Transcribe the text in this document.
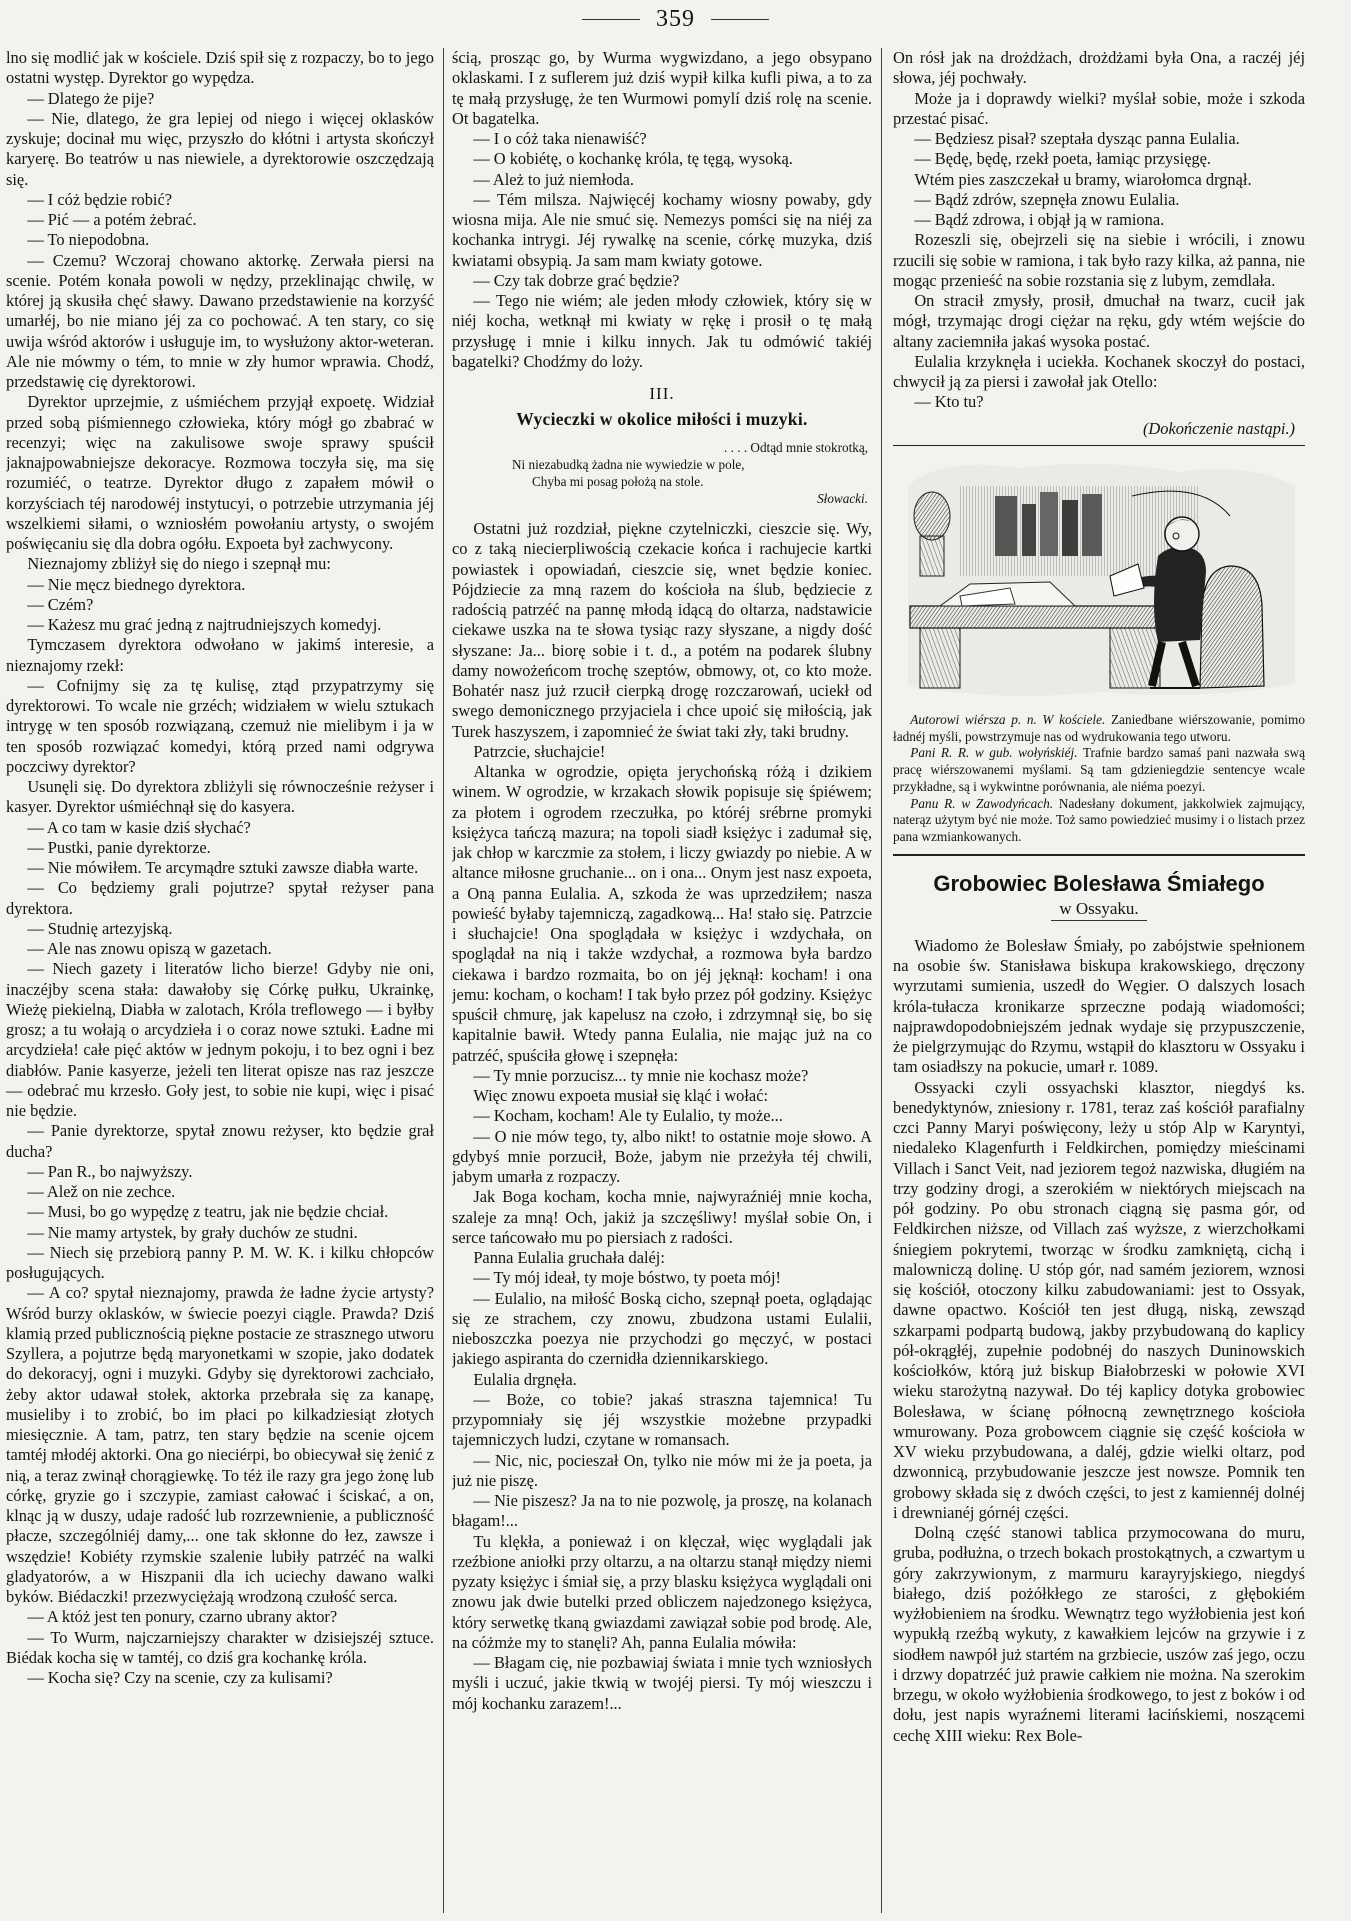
359

lno się modlić jak w kościele. Dziś spił się z rozpaczy, bo to jego ostatni występ. Dyrektor go wypędza.

— Dlatego że pije?

— Nie, dlatego, że gra lepiej od niego i więcej oklasków zyskuje; docinał mu więc, przyszło do kłótni i artysta skończył karyerę. Bo teatrów u nas niewiele, a dyrektorowie oszczędzają się.

— I cóż będzie robić?

— Pić — a potém żebrać.

— To niepodobna.

— Czemu? Wczoraj chowano aktorkę. Zerwała piersi na scenie. Potém konała powoli w nędzy, przeklinając chwilę, w której ją skusiła chęć sławy. Dawano przedstawienie na korzyść umarłéj, bo nie miano jéj za co pochować. A ten stary, co się uwija wśród aktorów i usługuje im, to wysłużony aktor-weteran. Ale nie mówmy o tém, to mnie w zły humor wprawia. Chodź, przedstawię cię dyrektorowi.

Dyrektor uprzejmie, z uśmiéchem przyjął expoetę. Widział przed sobą piśmiennego człowieka, który mógł go zbabrać w recenzyi; więc na zakulisowe swoje sprawy spuścił jaknajpowabniejsze dekoracye. Rozmowa toczyła się, ma się rozumiéć, o teatrze. Dyrektor długo z zapałem mówił o korzyściach téj narodowéj instytucyi, o potrzebie utrzymania jéj wszelkiemi siłami, o wzniosłém powołaniu artysty, o swojém poświęcaniu się dla dobra ogółu. Expoeta był zachwycony.

Nieznajomy zbliżył się do niego i szepnął mu:

— Nie męcz biednego dyrektora.

— Czém?

— Każesz mu grać jedną z najtrudniejszych komedyj.

Tymczasem dyrektora odwołano w jakimś interesie, a nieznajomy rzekł:

— Cofnijmy się za tę kulisę, ztąd przypatrzymy się dyrektorowi. To wcale nie grzéch; widziałem w wielu sztukach intrygę w ten sposób rozwiązaną, czemuż nie mielibym i ja w ten sposób rozwiązać komedyi, którą przed nami odgrywa poczciwy dyrektor?

Usunęli się. Do dyrektora zbliżyli się równocześnie reżyser i kasyer. Dyrektor uśmiéchnął się do kasyera.

— A co tam w kasie dziś słychać?

— Pustki, panie dyrektorze.

— Nie mówiłem. Te arcymądre sztuki zawsze diabła warte.

— Co będziemy grali pojutrze? spytał reżyser pana dyrektora.

— Studnię artezyjską.

— Ale nas znowu opiszą w gazetach.

— Niech gazety i literatów licho bierze! Gdyby nie oni, inaczéjby scena stała: dawałoby się Córkę pułku, Ukrainkę, Wieżę piekielną, Diabła w zalotach, Króla treflowego — i byłby grosz; a tu wołają o arcydzieła i o coraz nowe sztuki. Ładne mi arcydzieła! całe pięć aktów w jednym pokoju, i to bez ogni i bez diabłów. Panie kasyerze, jeżeli ten literat opisze nas raz jeszcze — odebrać mu krzesło. Goły jest, to sobie nie kupi, więc i pisać nie będzie.

— Panie dyrektorze, spytał znowu reżyser, kto będzie grał ducha?

— Pan R., bo najwyższy.

— Alež on nie zechce.

— Musi, bo go wypędzę z teatru, jak nie będzie chciał.

— Nie mamy artystek, by grały duchów ze studni.

— Niech się przebiorą panny P. M. W. K. i kilku chłopców posługujących.

— A co? spytał nieznajomy, prawda że ładne życie artysty? Wśród burzy oklasków, w świecie poezyi ciągle. Prawda? Dziś klamią przed publicznością piękne postacie ze strasznego utworu Szyllera, a pojutrze będą maryonetkami w szopie, jako dodatek do dekoracyj, ogni i muzyki. Gdyby się dyrektorowi zachciało, żeby aktor udawał stołek, aktorka przebrała się za kanapę, musieliby i to zrobić, bo im płaci po kilkadziesiąt złotych miesięcznie. A tam, patrz, ten stary będzie na scenie ojcem tamtéj młodéj aktorki. Ona go nieciérpi, bo obiecywał się żenić z nią, a teraz zwinął chorągiewkę. To téż ile razy gra jego żonę lub córkę, gryzie go i szczypie, zamiast całować i ściskać, a on, klnąc ją w duszy, udaje radość lub rozrzewnienie, a publiczność płacze, szczególniéj damy,... one tak skłonne do łez, zawsze i wszędzie! Kobiéty rzymskie szalenie lubiły patrzéć na walki gladyatorów, a w Hiszpanii dla ich uciechy dawano walki byków. Biédaczki! przezwyciężają wrodzoną czułość serca.

— A któż jest ten ponury, czarno ubrany aktor?

— To Wurm, najczarniejszy charakter w dzisiejszéj sztuce. Biédak kocha się w tamtéj, co dziś gra kochankę króla.

— Kocha się? Czy na scenie, czy za kulisami?

ścią, prosząc go, by Wurma wygwizdano, a jego obsypano oklaskami. I z suflerem już dziś wypił kilka kufli piwa, a to za tę małą przysługę, że ten Wurmowi pomylí dziś rolę na scenie. Ot bagatelka.

— I o cóż taka nienawiść?

— O kobiétę, o kochankę króla, tę tęgą, wysoką.

— Ależ to już niemłoda.

— Tém milsza. Najwięcéj kochamy wiosny powaby, gdy wiosna mija. Ale nie smuć się. Nemezys pomści się na niéj za kochanka intrygi. Jéj rywalkę na scenie, córkę muzyka, dziś kwiatami obsypią. Ja sam mam kwiaty gotowe.

— Czy tak dobrze grać będzie?

— Tego nie wiém; ale jeden młody człowiek, który się w niéj kocha, wetknął mi kwiaty w rękę i prosił o tę małą przysługę i mnie i kilku innych. Jak tu odmówić takiéj bagatelki? Chodźmy do loży.

III.
Wycieczki w okolice miłości i muzyki.
. . . . Odtąd mnie stokrotką,
Ni niezabudką żadna nie wywiedzie w pole,
Chyba mi posag położą na stole.
Słowacki.

Ostatni już rozdział, piękne czytelniczki, cieszcie się. Wy, co z taką niecierpliwością czekacie końca i rachujecie kartki powiastek i opowiadań, cieszcie się, wnet będzie koniec. Pójdziecie za mną razem do kościoła na ślub, będziecie z radością patrzéć na pannę młodą idącą do oltarza, nadstawicie ciekawe uszka na te słowa tysiąc razy słyszane, a nigdy dość słyszane: Ja... biorę sobie i t. d., a potém na podarek ślubny damy nowożeńcom trochę szeptów, obmowy, ot, co kto może. Bohatér nasz już rzucił cierpką drogę rozczarowań, uciekł od swego demonicznego przyjaciela i chce upoić się miłością, jak Turek haszyszem, i zapomnieć że świat taki zły, taki brudny.

Patrzcie, słuchajcie!

Altanka w ogrodzie, opięta jerychońską różą i dzikiem winem. W ogrodzie, w krzakach słowik popisuje się śpiéwem; za płotem i ogrodem rzeczułka, po któréj srébrne promyki księżyca tańczą mazura; na topoli siadł księżyc i zadumał się, jak chłop w karczmie za stołem, i liczy gwiazdy po niebie. A w altance miłosne gruchanie... on i ona... Onym jest nasz expoeta, a Oną panna Eulalia. A, szkoda że was uprzedziłem; nasza powieść byłaby tajemniczą, zagadkową... Ha! stało się. Patrzcie i słuchajcie! Ona spoglądała w księżyc i wzdychała, on spoglądał na nią i także wzdychał, a rozmowa była bardzo ciekawa i bardzo rozmaita, bo on jéj jęknął: kocham! i ona jemu: kocham, o kocham! I tak było przez pół godziny. Księżyc spuścił chmurę, jak kapelusz na czoło, i zdrzymnął się, bo się kapitalnie bawił. Wtedy panna Eulalia, nie mając już na co patrzéć, spuściła głowę i szepnęła:

— Ty mnie porzucisz... ty mnie nie kochasz może?

Więc znowu expoeta musiał się kląć i wołać:

— Kocham, kocham! Ale ty Eulalio, ty może...

— O nie mów tego, ty, albo nikt! to ostatnie moje słowo. A gdybyś mnie porzucił, Boże, jabym nie przeżyła téj chwili, jabym umarła z rozpaczy.

Jak Boga kocham, kocha mnie, najwyraźniéj mnie kocha, szaleje za mną! Och, jakiż ja szczęśliwy! myślał sobie On, i serce tańcowało mu po piersiach z radości.

Panna Eulalia gruchała daléj:

— Ty mój ideał, ty moje bóstwo, ty poeta mój!

— Eulalio, na miłość Boską cicho, szepnął poeta, oglądając się ze strachem, czy znowu, zbudzona ustami Eulalii, nieboszczka poezya nie przychodzi go męczyć, w postaci jakiego aspiranta do czernidła dziennikarskiego.

Eulalia drgnęła.

— Boże, co tobie? jakaś straszna tajemnica! Tu przypomniały się jéj wszystkie możebne przypadki tajemniczych ludzi, czytane w romansach.

— Nic, nic, pocieszał On, tylko nie mów mi że ja poeta, ja już nie piszę.

— Nie piszesz? Ja na to nie pozwolę, ja proszę, na kolanach błagam!...

Tu klękła, a ponieważ i on klęczał, więc wyglądali jak rzeźbione aniołki przy oltarzu, a na oltarzu stanął między niemi pyzaty księżyc i śmiał się, a przy blasku księżyca wyglądali oni znowu jak dwie butelki przed obliczem najedzonego księżyca, który serwetkę tkaną gwiazdami zawiązał sobie pod brodę. Ale, na cóżmże my to stanęli? Ah, panna Eulalia mówiła:

— Błagam cię, nie pozbawiaj świata i mnie tych wzniosłych myśli i uczuć, jakie tkwią w twojéj piersi. Ty mój wieszczu i mój kochanku zarazem!...

On rósł jak na drożdżach, drożdżami była Ona, a raczéj jéj słowa, jéj pochwały.

Może ja i doprawdy wielki? myślał sobie, może i szkoda przestać pisać.

— Będziesz pisał? szeptała dysząc panna Eulalia.

— Będę, będę, rzekł poeta, łamiąc przysięgę.

Wtém pies zaszczekał u bramy, wiarołomca drgnął.

— Bądź zdrów, szepnęła znowu Eulalia.

— Bądź zdrowa, i objął ją w ramiona.

Rozeszli się, obejrzeli się na siebie i wrócili, i znowu rzucili się sobie w ramiona, i tak było razy kilka, aż panna, nie mogąc przenieść na sobie rozstania się z lubym, zemdlała.

On stracił zmysły, prosił, dmuchał na twarz, cucił jak mógł, trzymając drogi ciężar na ręku, gdy wtém wejście do altany zaciemniła jakaś wysoka postać.

Eulalia krzyknęła i uciekła. Kochanek skoczył do postaci, chwycił ją za piersi i zawołał jak Otello:

— Kto tu?

(Dokończenie nastąpi.)

Autorowi wiérsza p. n. W kościele. Zaniedbane wiérszowanie, pomimo ładnéj myśli, powstrzymuje nas od wydrukowania tego utworu.

Pani R. R. w gub. wołyńskiéj. Trafnie bardzo samaś pani nazwała swą pracę wiérszowanemi myślami. Są tam gdzieniegdzie sentencye wcale przykładne, są i wykwintne porównania, ale niéma poezyi.

Panu R. w Zawodyńcach. Nadesłany dokument, jakkolwiek zajmujący, naterąz użytym być nie może. Toż samo powiedzieć musimy i o listach przez pana wzmiankowanych.

Grobowiec Bolesława Śmiałego
w Ossyaku.

Wiadomo że Bolesław Śmiały, po zabójstwie spełnionem na osobie św. Stanisława biskupa krakowskiego, dręczony wyrzutami sumienia, uszedł do Węgier. O dalszych losach króla-tułacza kronikarze sprzeczne podają wiadomości; najprawdopodobniejszém jednak wydaje się przypuszczenie, że pielgrzymując do Rzymu, wstąpił do klasztoru w Ossyaku i tam osiadłszy na pokucie, umarł r. 1089.

Ossyacki czyli ossyachski klasztor, niegdyś ks. benedyktynów, zniesiony r. 1781, teraz zaś kościół parafialny czci Panny Maryi poświęcony, leży u stóp Alp w Karyntyi, niedaleko Klagenfurth i Feldkirchen, pomiędzy mieścinami Villach i Sanct Veit, nad jeziorem tegoż nazwiska, długiém na trzy godziny drogi, a szerokiém w niektórych miejscach na pół godziny. Po obu stronach ciągną się pasma gór, od Feldkirchen niższe, od Villach zaś wyższe, z wierzchołkami śniegiem pokrytemi, tworząc w środku zamkniętą, cichą i malowniczą dolinę. U stóp gór, nad samém jeziorem, wznosi się kościół, otoczony kilku zabudowaniami: jest to Ossyak, dawne opactwo. Kościół ten jest długą, niską, zewsząd szkarpami podpartą budową, jakby przybudowaną do kaplicy pół-okrągłéj, zupełnie podobnéj do naszych Duninowskich kościołków, którą już biskup Białobrzeski w połowie XVI wieku starożytną nazywał. Do téj kaplicy dotyka grobowiec Bolesława, w ścianę północną zewnętrznego kościoła wmurowany. Poza grobowcem ciągnie się część kościoła w XV wieku przybudowana, a daléj, gdzie wielki oltarz, pod dzwonnicą, przybudowanie jeszcze jest nowsze. Pomnik ten grobowy składa się z dwóch części, to jest z kamiennéj dolnéj i drewnianéj górnéj części.

Dolną część stanowi tablica przymocowana do muru, gruba, podłużna, o trzech bokach prostokątnych, a czwartym u góry zakrzywionym, z marmuru karayryjskiego, niegdyś białego, dziś pożółkłego ze starości, z głębokiém wyżłobieniem na środku. Wewnątrz tego wyżłobienia jest koń wypukłą rzeźbą wykuty, z kawałkiem lejców na grzywie i z siodłem nawpół już startém na grzbiecie, uszów zaś jego, oczu i drzwy dopatrzéć już prawie całkiem nie można. Na szerokim brzegu, w około wyżłobienia środkowego, to jest z boków i od dołu, jest napis wyraźnemi literami łacińskiemi, noszącemi cechę XIII wieku: Rex Bole-
